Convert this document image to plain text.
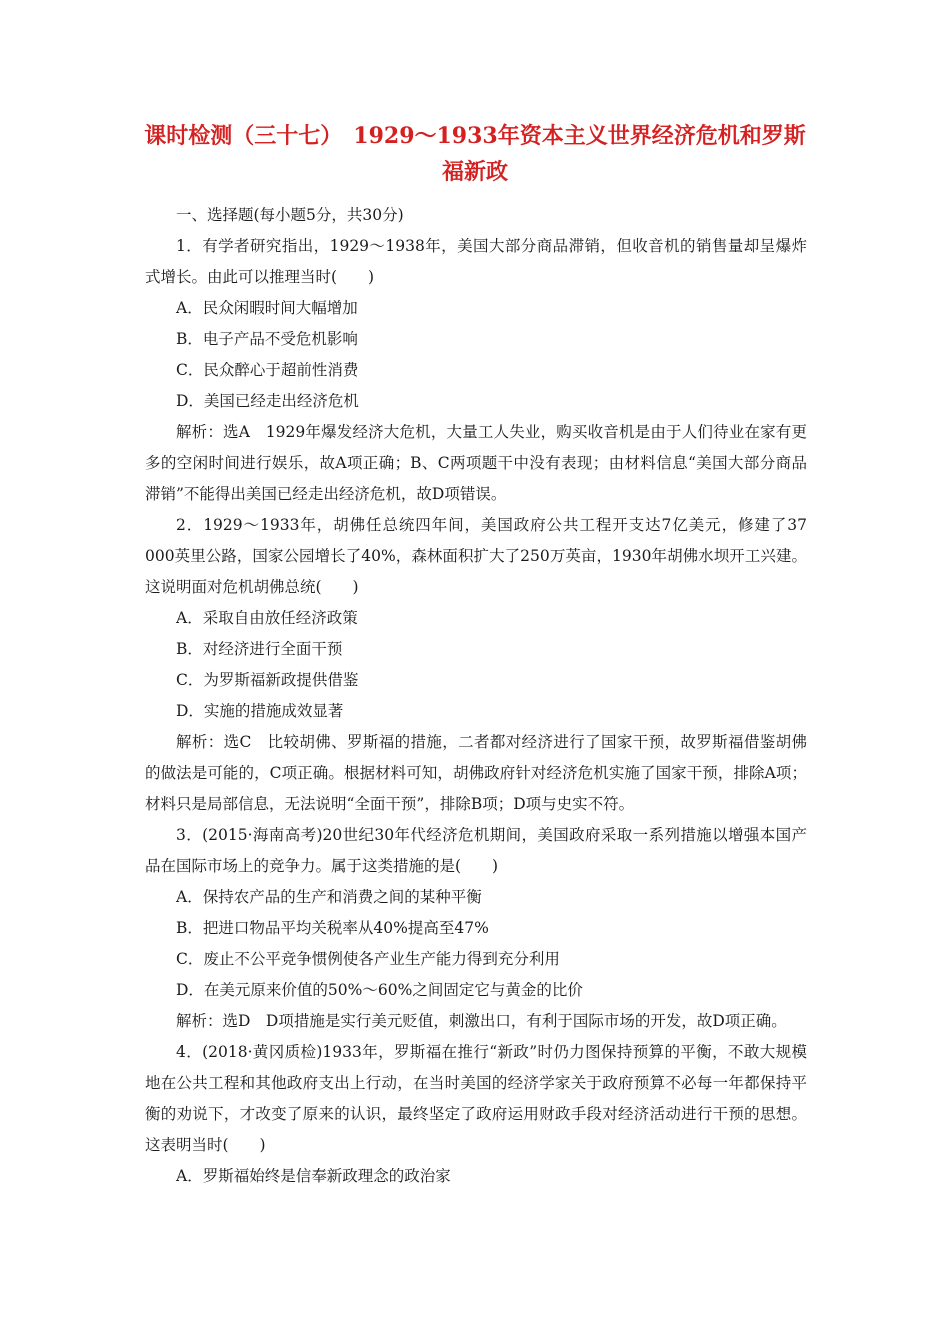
课时检测（三十七）　1929～1933年资本主义世界经济危机和罗斯
福新政
一、选择题(每小题5分，共30分)

1．有学者研究指出，1929～1938年，美国大部分商品滞销，但收音机的销售量却呈爆炸式增长。由此可以推理当时(　　)

A．民众闲暇时间大幅增加
B．电子产品不受危机影响
C．民众醉心于超前性消费
D．美国已经走出经济危机

解析：选A　1929年爆发经济大危机，大量工人失业，购买收音机是由于人们待业在家有更多的空闲时间进行娱乐，故A项正确；B、C两项题干中没有表现；由材料信息“美国大部分商品滞销”不能得出美国已经走出经济危机，故D项错误。

2．1929～1933年，胡佛任总统四年间，美国政府公共工程开支达7亿美元，修建了37 000英里公路，国家公园增长了40%，森林面积扩大了250万英亩，1930年胡佛水坝开工兴建。这说明面对危机胡佛总统(　　)

A．采取自由放任经济政策
B．对经济进行全面干预
C．为罗斯福新政提供借鉴
D．实施的措施成效显著

解析：选C　比较胡佛、罗斯福的措施，二者都对经济进行了国家干预，故罗斯福借鉴胡佛的做法是可能的，C项正确。根据材料可知，胡佛政府针对经济危机实施了国家干预，排除A项；材料只是局部信息，无法说明“全面干预”，排除B项；D项与史实不符。

3．(2015·海南高考)20世纪30年代经济危机期间，美国政府采取一系列措施以增强本国产品在国际市场上的竞争力。属于这类措施的是(　　)

A．保持农产品的生产和消费之间的某种平衡
B．把进口物品平均关税率从40%提高至47%
C．废止不公平竞争惯例使各产业生产能力得到充分利用
D．在美元原来价值的50%～60%之间固定它与黄金的比价

解析：选D　D项措施是实行美元贬值，刺激出口，有利于国际市场的开发，故D项正确。

4．(2018·黄冈质检)1933年，罗斯福在推行“新政”时仍力图保持预算的平衡，不敢大规模地在公共工程和其他政府支出上行动，在当时美国的经济学家关于政府预算不必每一年都保持平衡的劝说下，才改变了原来的认识，最终坚定了政府运用财政手段对经济活动进行干预的思想。这表明当时(　　)

A．罗斯福始终是信奉新政理念的政治家
